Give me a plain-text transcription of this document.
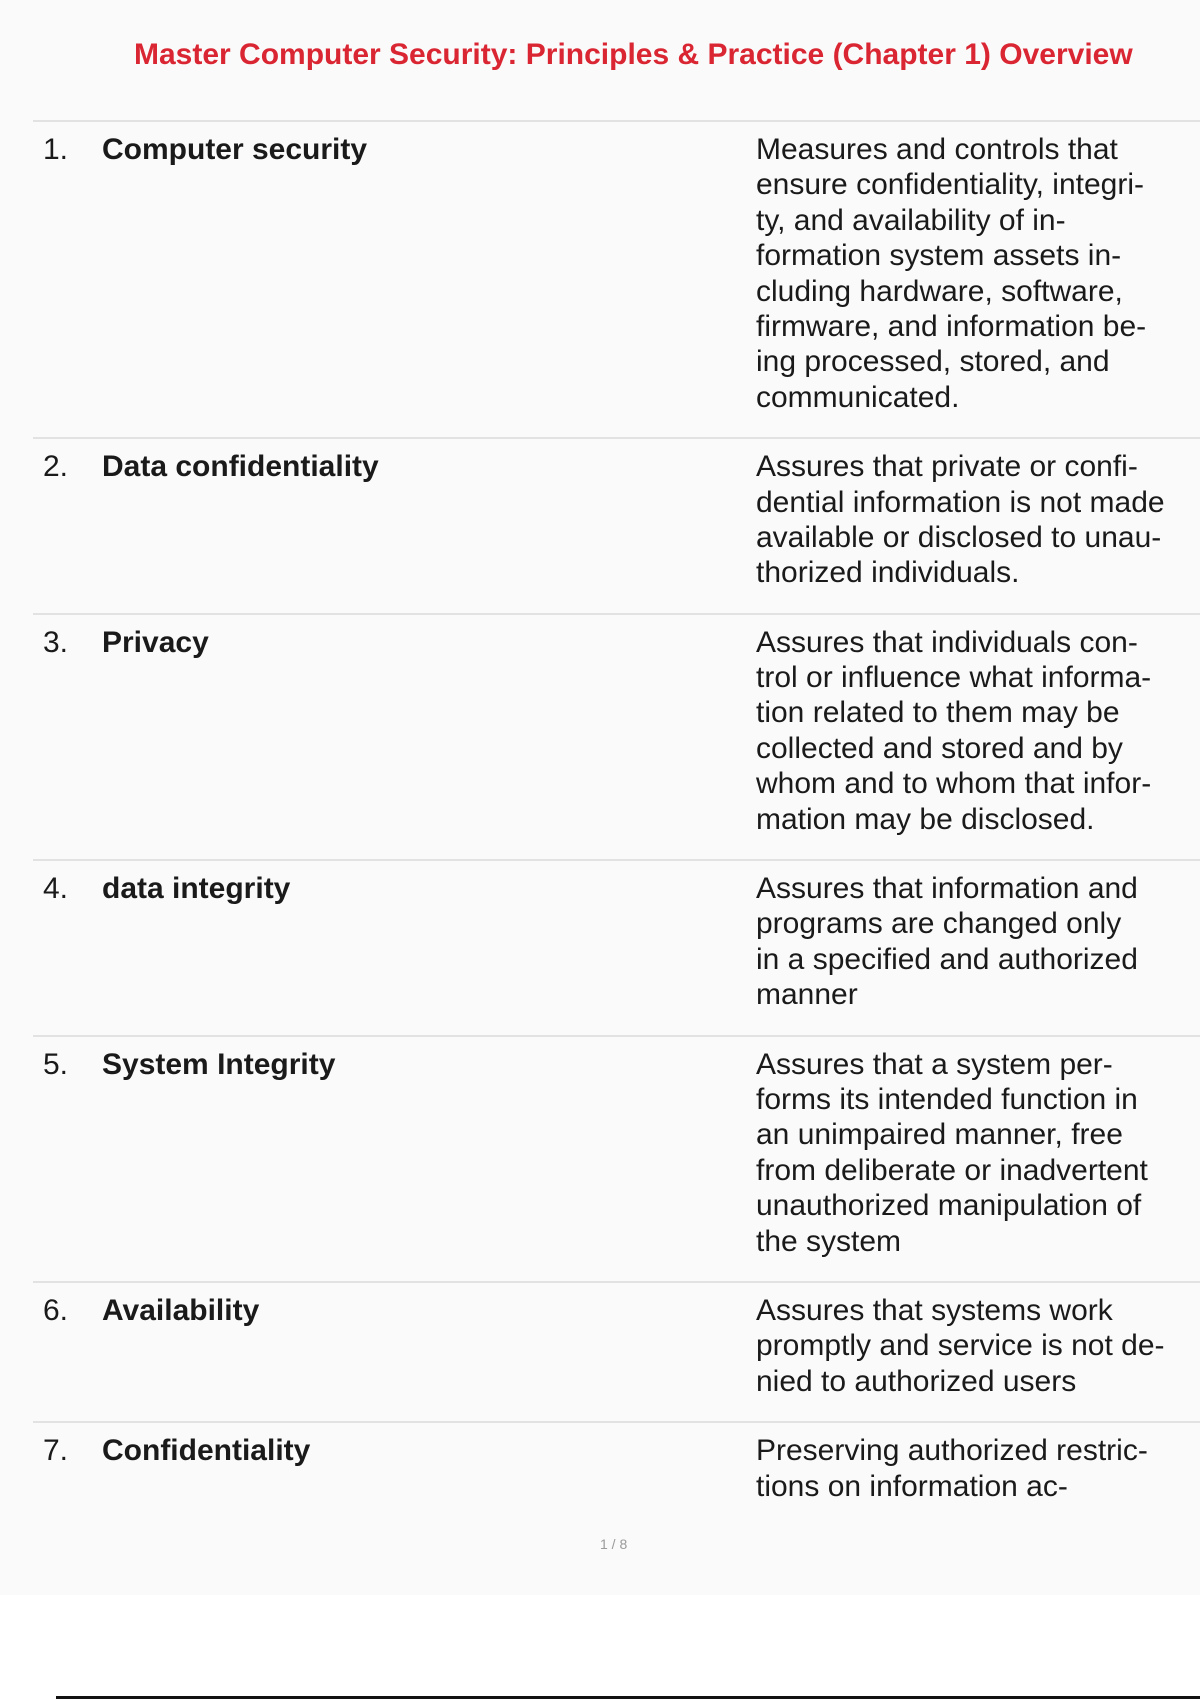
Master Computer Security: Principles & Practice (Chapter 1) Overview
1. Computer security	Measures and controls that
ensure confidentiality, integri-
ty, and availability of in-
formation system assets in-
cluding hardware, software,
firmware, and information be-
ing processed, stored, and
communicated.
2. Data confidentiality	Assures that private or confi-
dential information is not made
available or disclosed to unau-
thorized individuals.
3. Privacy	Assures that individuals con-
trol or influence what informa-
tion related to them may be
collected and stored and by
whom and to whom that infor-
mation may be disclosed.
4. data integrity	Assures that information and
programs are changed only
in a specified and authorized
manner
5. System Integrity	Assures that a system per-
forms its intended function in
an unimpaired manner, free
from deliberate or inadvertent
unauthorized manipulation of
the system
6. Availability	Assures that systems work
promptly and service is not de-
nied to authorized users
7. Confidentiality	Preserving authorized restric-
tions on information ac-
1 / 8
